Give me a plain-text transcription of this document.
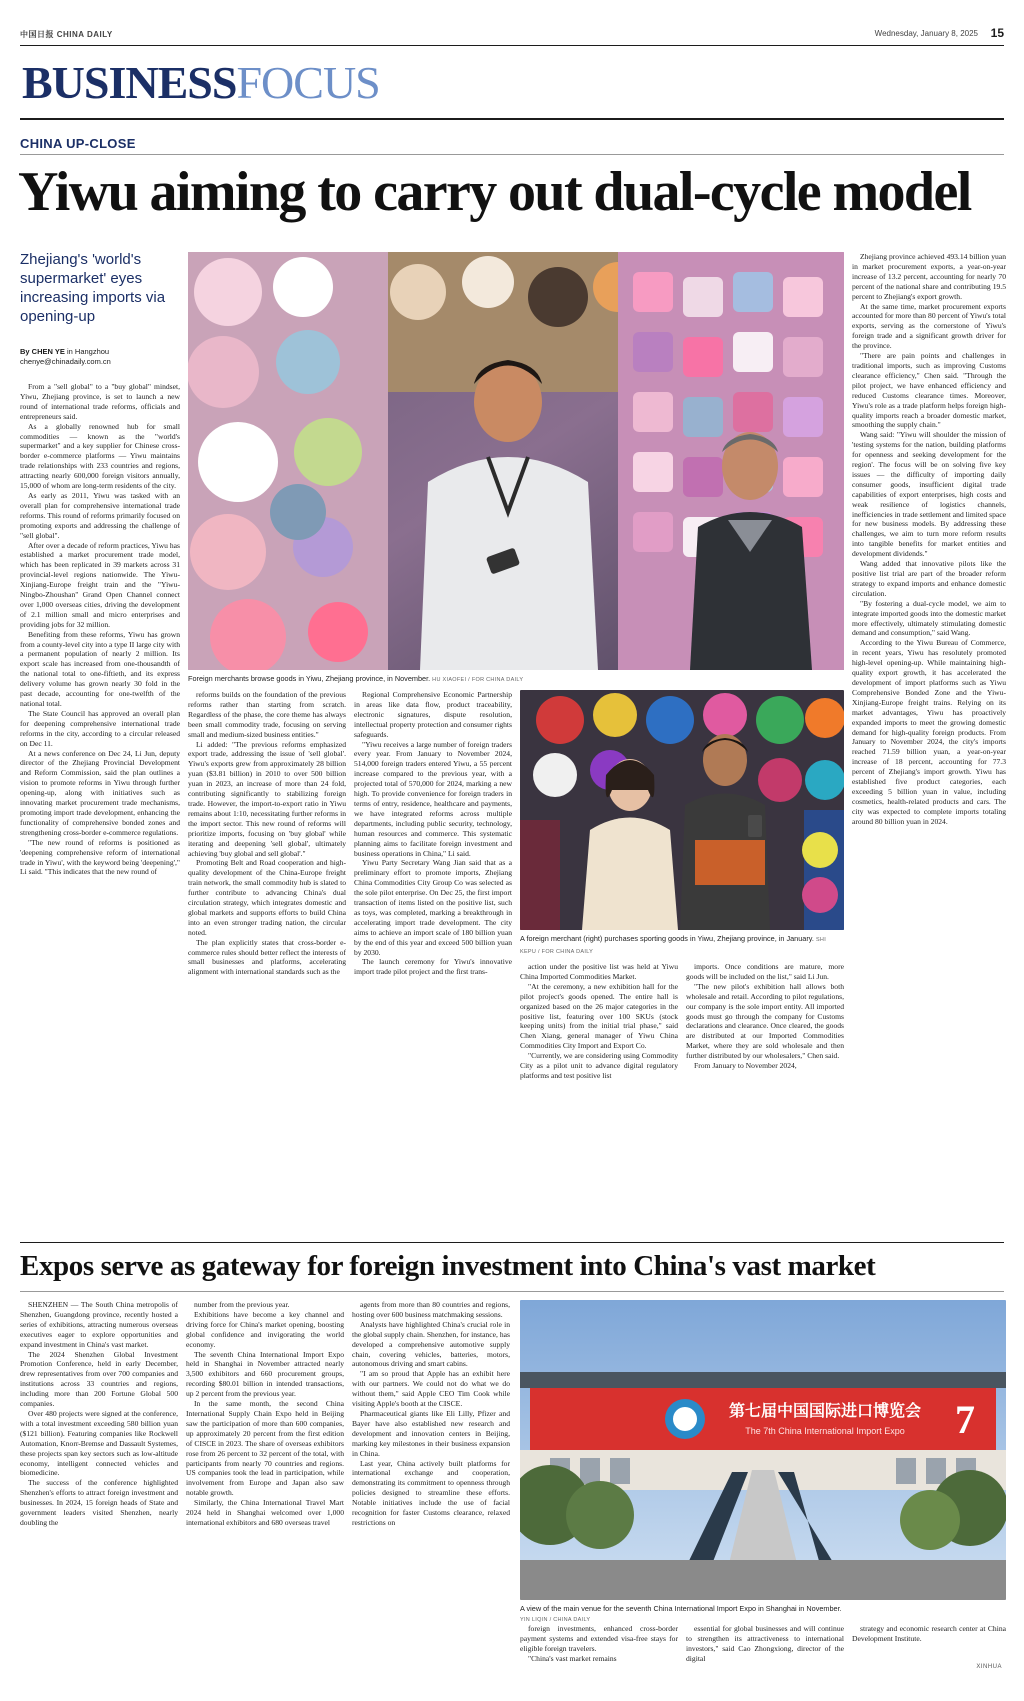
中国日报 CHINA DAILY	Wednesday, January 8, 2025 15
BUSINESSFOCUS
CHINA UP-CLOSE
Yiwu aiming to carry out dual-cycle model
Zhejiang's 'world's supermarket' eyes increasing imports via opening-up
By CHEN YE in Hangzhou
chenye@chinadaily.com.cn

From a "sell global" to a "buy global" mindset, Yiwu, Zhejiang province, is set to launch a new round of international trade reforms, officials and entrepreneurs said.

As a globally renowned hub for small commodities — known as the "world's supermarket" and a key supplier for Chinese cross-border e-commerce platforms — Yiwu maintains trade relationships with 233 countries and regions, attracting nearly 600,000 foreign visitors annually, 15,000 of whom are long-term residents of the city.

As early as 2011, Yiwu was tasked with an overall plan for comprehensive international trade reforms. This round of reforms primarily focused on promoting exports and addressing the challenge of "sell global".

After over a decade of reform practices, Yiwu has established a market procurement trade model, which has been replicated in 39 markets across 31 provincial-level regions nationwide. The Yiwu-Xinjiang-Europe freight train and the "Yiwu-Ningbo-Zhoushan" Grand Open Channel connect over 1,000 overseas cities, driving the development of 2.1 million small and micro enterprises and providing jobs for 32 million.

Benefiting from these reforms, Yiwu has grown from a county-level city into a type II large city with a permanent population of nearly 2 million. Its export scale has increased from one-thousandth of the national total to one-fiftieth, and its express delivery volume has grown nearly 30 fold in the past decade, accounting for one-twelfth of the national total.

The State Council has approved an overall plan for deepening comprehensive international trade reforms in the city, according to a circular released on Dec 11.

At a news conference on Dec 24, Li Jun, deputy director of the Zhejiang Provincial Development and Reform Commission, said the plan outlines a vision to promote reforms in Yiwu through further opening-up, along with initiatives such as innovating market procurement trade mechanisms, promoting import trade development, enhancing the functionality of comprehensive bonded zones and strengthening cross-border e-commerce regulations.

"The new round of reforms is positioned as 'deepening comprehensive reform of international trade in Yiwu', with the keyword being 'deepening'," Li said. "This indicates that the new round of

reforms builds on the foundation of the previous reforms rather than starting from scratch. Regardless of the phase, the core theme has always been small commodity trade, focusing on serving small and medium-sized business entities."

Li added: "The previous reforms emphasized export trade, addressing the issue of 'sell global'. Yiwu's exports grew from approximately 28 billion yuan ($3.81 billion) in 2010 to over 500 billion yuan in 2023, an increase of more than 24 fold, contributing significantly to stabilizing foreign trade. However, the import-to-export ratio in Yiwu remains about 1:10, necessitating further reforms in the import sector. This new round of reforms will prioritize imports, focusing on 'buy global' while iterating and deepening 'sell global', ultimately achieving 'buy global and sell global'."

Promoting Belt and Road cooperation and high-quality development of the China-Europe freight train network, the small commodity hub is slated to further contribute to advancing China's dual circulation strategy, which integrates domestic and global markets and supports efforts to build China into an even stronger trading nation, the circular noted.

The plan explicitly states that cross-border e-commerce rules should better reflect the interests of small businesses and platforms, accelerating alignment with international standards such as the

Regional Comprehensive Economic Partnership in areas like data flow, product traceability, electronic signatures, dispute resolution, intellectual property protection and consumer rights safeguards.

"Yiwu receives a large number of foreign traders every year. From January to November 2024, 514,000 foreign traders entered Yiwu, a 55 percent increase compared to the previous year, with a projected total of 570,000 for 2024, marking a new high. To provide convenience for foreign traders in terms of entry, residence, healthcare and payments, we have integrated reforms across multiple departments, including public security, technology, human resources and commerce. This systematic planning aims to facilitate foreign investment and business operations in China," Li said.

Yiwu Party Secretary Wang Jian said that as a preliminary effort to promote imports, Zhejiang China Commodities City Group Co was selected as the sole pilot enterprise. On Dec 25, the first import transaction of items listed on the positive list, such as toys, was completed, marking a breakthrough in accelerating import trade development. The city aims to achieve an import scale of 180 billion yuan by the end of this year and exceed 500 billion yuan by 2030.

The launch ceremony for Yiwu's innovative import trade pilot project and the first trans-

action under the positive list was held at Yiwu China Imported Commodities Market.

"At the ceremony, a new exhibition hall for the pilot project's goods opened. The entire hall is organized based on the 26 major categories in the positive list, featuring over 100 SKUs (stock keeping units) from the initial trial phase," said Chen Xiang, general manager of Yiwu China Commodities City Import and Export Co.

"Currently, we are considering using Commodity City as a pilot unit to advance digital regulatory platforms and test positive list

imports. Once conditions are mature, more goods will be included on the list," said Li Jun.

"The new pilot's exhibition hall allows both wholesale and retail. According to pilot regulations, our company is the sole import entity. All imported goods must go through the company for Customs declarations and clearance. Once cleared, the goods are distributed at our Imported Commodities Market, where they are sold wholesale and then further distributed by our wholesalers," Chen said.

From January to November 2024,

Zhejiang province achieved 493.14 billion yuan in market procurement exports, a year-on-year increase of 13.2 percent, accounting for nearly 70 percent of the national share and contributing 19.5 percent to Zhejiang's export growth.

At the same time, market procurement exports accounted for more than 80 percent of Yiwu's total exports, serving as the cornerstone of Yiwu's foreign trade and a significant growth driver for the province.

"There are pain points and challenges in traditional imports, such as improving Customs clearance efficiency," Chen said. "Through the pilot project, we have enhanced efficiency and reduced Customs clearance times. Moreover, Yiwu's role as a trade platform helps foreign high-quality imports reach a broader domestic market, smoothing the supply chain."

Wang said: "Yiwu will shoulder the mission of 'testing systems for the nation, building platforms for openness and seeking development for the region'. The focus will be on solving five key issues — the difficulty of importing daily consumer goods, insufficient digital trade capabilities of export enterprises, high costs and weak resilience of logistics channels, inefficiencies in trade settlement and limited space for new business models. By addressing these challenges, we aim to turn more reform results into tangible benefits for market entities and development dividends."

Wang added that innovative pilots like the positive list trial are part of the broader reform strategy to expand imports and enhance domestic circulation.

"By fostering a dual-cycle model, we aim to integrate imported goods into the domestic market more effectively, ultimately stimulating domestic demand and consumption," said Wang.

According to the Yiwu Bureau of Commerce, in recent years, Yiwu has resolutely promoted high-level opening-up. While maintaining high-quality export growth, it has accelerated the development of import platforms such as Yiwu Comprehensive Bonded Zone and the Yiwu-Xinjiang-Europe freight trains. Relying on its market advantages, Yiwu has proactively expanded imports to meet the growing domestic demand for high-quality foreign products. From January to November 2024, the city's imports reached 71.59 billion yuan, a year-on-year increase of 18 percent, accounting for 77.3 percent of Zhejiang's import growth. Yiwu has established five product categories, each exceeding 5 billion yuan in value, including cosmetics, health-related products and cars. The city was expected to complete imports totaling around 80 billion yuan in 2024.

Foreign merchants browse goods in Yiwu, Zhejiang province, in November. HU XIAOFEI / FOR CHINA DAILY
A foreign merchant (right) purchases sporting goods in Yiwu, Zhejiang province, in January. SHI KEPU / FOR CHINA DAILY
Expos serve as gateway for foreign investment into China's vast market

SHENZHEN — The South China metropolis of Shenzhen, Guangdong province, recently hosted a series of exhibitions, attracting numerous overseas executives eager to explore opportunities and expand investment in China's vast market.

The 2024 Shenzhen Global Investment Promotion Conference, held in early December, drew representatives from over 700 companies and institutions across 33 countries and regions, including more than 200 Fortune Global 500 companies.

Over 480 projects were signed at the conference, with a total investment exceeding 580 billion yuan ($121 billion). Featuring companies like Rockwell Automation, Knorr-Bremse and Dassault Systemes, these projects span key sectors such as low-altitude economy, intelligent connected vehicles and biomedicine.

The success of the conference highlighted Shenzhen's efforts to attract foreign investment and businesses. In 2024, 15 foreign heads of State and government leaders visited Shenzhen, nearly doubling the

number from the previous year.

Exhibitions have become a key channel and driving force for China's market opening, boosting global confidence and invigorating the world economy.

The seventh China International Import Expo held in Shanghai in November attracted nearly 3,500 exhibitors and 660 procurement groups, recording $80.01 billion in intended transactions, up 2 percent from the previous year.

In the same month, the second China International Supply Chain Expo held in Beijing saw the participation of more than 600 companies, up approximately 20 percent from the first edition of CISCE in 2023. The share of overseas exhibitors rose from 26 percent to 32 percent of the total, with participants from nearly 70 countries and regions. US companies took the lead in participation, while involvement from Europe and Japan also saw notable growth.

Similarly, the China International Travel Mart 2024 held in Shanghai welcomed over 1,000 international exhibitors and 680 overseas travel

agents from more than 80 countries and regions, hosting over 600 business matchmaking sessions.

Analysts have highlighted China's crucial role in the global supply chain. Shenzhen, for instance, has developed a comprehensive automotive supply chain, covering vehicles, batteries, motors, autonomous driving and smart cabins.

"I am so proud that Apple has an exhibit here with our partners. We could not do what we do without them," said Apple CEO Tim Cook while visiting Apple's booth at the CISCE.

Pharmaceutical giants like Eli Lilly, Pfizer and Bayer have also established new research and development and innovation centers in Beijing, marking key milestones in their business expansion in China.

Last year, China actively built platforms for international exchange and cooperation, demonstrating its commitment to openness through policies designed to streamline these efforts. Notable initiatives include the use of facial recognition for faster Customs clearance, relaxed restrictions on

foreign investments, enhanced cross-border payment systems and extended visa-free stays for eligible foreign travelers.

"China's vast market remains

essential for global businesses and will continue to strengthen its attractiveness to international investors," said Cao Zhongxiong, director of the digital

strategy and economic research center at China Development Institute.

7
第七届中国国际进口博览会
The 7th China International Import Expo
A view of the main venue for the seventh China International Import Expo in Shanghai in November.
YIN LIQIN / CHINA DAILY
XINHUA
